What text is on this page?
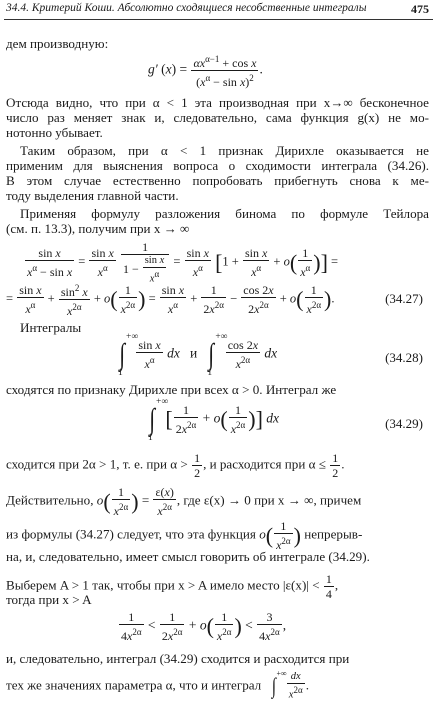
34.4. Критерий Коши. Абсолютно сходящиеся несобственные интегралы	475
дем производную:
g′ $(x) = \frac{\alpha x^{\alpha-1} + \cos x}{(x^\alpha - \sin x)^2}$ .
Отсюда видно, что при α < 1 эта производная при x→∞ бесконечное
число раз меняет знак и, следовательно, сама функция g(x) не мо-
нотонно убывает.
Таким образом, при α < 1 признак Дирихле оказывается не
применим для выяснения вопроса о сходимости интеграла (34.26).
В этом случае естественно попробовать прибегнуть снова к ме-
тоду выделения главной части.
Применяя формулу разложения бинома по формуле Тейлора
(см. п. 13.3), получим при x → ∞
$\frac{\text{sin x}}{x^\alpha - \sin x} = \frac{\text{sin x}}{x^\alpha}$
$\frac{1}{1 - \frac{\text{sin x}}{x^\alpha}} = \frac{\text{sin x}}{x^\alpha} [1 + \frac{\text{sin x}}{x^\alpha} + o( \frac{1}{x^\alpha}$ )] =
= $\frac{\text{sin x}}{x^\alpha} + \frac{\sin^2 x}{x^{2\alpha}} + o( \frac{1}{x^{2\alpha}}$ ) = $\frac{\text{sin x}}{x^\alpha} + \frac{1}{2x^{2\alpha}} - \frac{\cos 2x}{2x^{2\alpha}} + o( \frac{1}{x^{2\alpha}}$ ).	(34.27)
Интегралы
∫
+∞
1

$\frac{\text{sin x}}{x^\alpha}$ dx и ∫
+∞
1

$\frac{\cos 2x}{x^{2\alpha}}$ dx	(34.28)
сходятся по признаку Дирихле при всех α > 0. Интеграл же
∫
+∞
1
[ $\frac{1}{2x^{2\alpha}} + o( \frac{1}{x^{2\alpha}}$ )] dx	(34.29)
сходится при 2α > 1, т. е. при $\alpha > \frac{1}{2}$ , и расходится при $\alpha \le \frac{1}{2}$ .
Действительно, $o( \frac{1}{x^{2\alpha}}$ ) = $\frac{\varepsilon(x)}{x^{2\alpha}}$ , где ε(x) → 0 при x → ∞, причем
из формулы (34.27) следует, что эта функция $o( \frac{1}{x^{2\alpha}}$ ) непрерыв-
на, и, следовательно, имеет смысл говорить об интеграле (34.29).
Выберем A > 1 так, чтобы при x > A имело место $|\varepsilon(x)| < \frac{1}{4}$ ,
тогда при x > A
$\frac{1}{4x^{2\alpha}} < \frac{1}{2x^{2\alpha}} + o( \frac{1}{x^{2\alpha}}$ ) < $\frac{3}{4x^{2\alpha}}$ ,
и, следовательно, интеграл (34.29) сходится и расходится при
тех же значениях параметра α, что и интеграл ∫ +∞
$\frac{dx}{x^{2\alpha}}$ .
